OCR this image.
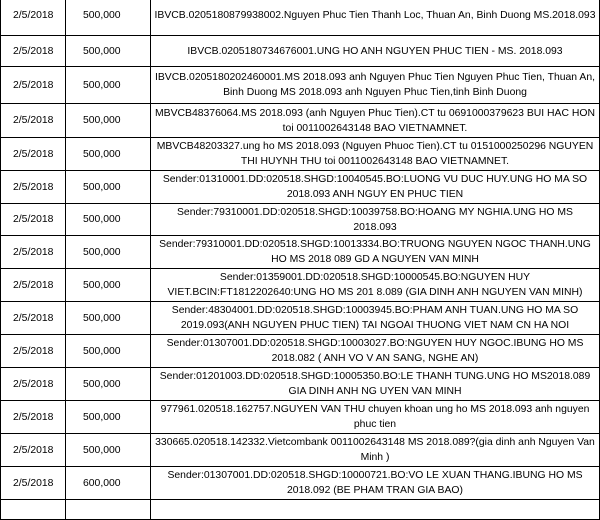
2/5/2018	500,000	IBVCB.0205180879938002.Nguyen Phuc Tien Thanh Loc, Thuan An, Binh Duong MS.2018.093
2/5/2018	500,000	IBVCB.0205180734676001.UNG HO ANH NGUYEN PHUC TIEN - MS. 2018.093
2/5/2018	500,000	IBVCB.0205180202460001.MS 2018.093 anh Nguyen Phuc Tien Nguyen Phuc Tien, Thuan An, Binh Duong MS 2018.093 anh Nguyen Phuc Tien,tinh Binh Duong
2/5/2018	500,000	MBVCB48376064.MS 2018.093 (anh Nguyen Phuc Tien).CT tu 0691000379623 BUI HAC HON toi 0011002643148 BAO VIETNAMNET.
2/5/2018	500,000	MBVCB48203327.ung ho MS 2018.093 (Nguyen Phuoc Tien).CT tu 0151000250296 NGUYEN THI HUYNH THU toi 0011002643148 BAO VIETNAMNET.
2/5/2018	500,000	Sender:01310001.DD:020518.SHGD:10040545.BO:LUONG VU DUC HUY.UNG HO MA SO 2018.093 ANH NGUY EN PHUC TIEN
2/5/2018	500,000	Sender:79310001.DD:020518.SHGD:10039758.BO:HOANG MY NGHIA.UNG HO MS 2018.093
2/5/2018	500,000	Sender:79310001.DD:020518.SHGD:10013334.BO:TRUONG NGUYEN NGOC THANH.UNG HO MS 2018 089 GD A NGUYEN VAN MINH
2/5/2018	500,000	Sender:01359001.DD:020518.SHGD:10000545.BO:NGUYEN HUY VIET.BCIN:FT1812202640:UNG HO MS 201 8.089 (GIA DINH ANH NGUYEN VAN MINH)
2/5/2018	500,000	Sender:48304001.DD:020518.SHGD:10003945.BO:PHAM ANH TUAN.UNG HO MA SO 2019.093(ANH NGUYEN PHUC TIEN) TAI NGOAI THUONG VIET NAM CN HA NOI
2/5/2018	500,000	Sender:01307001.DD:020518.SHGD:10003027.BO:NGUYEN HUY NGOC.IBUNG HO MS 2018.082 ( ANH VO V AN SANG, NGHE AN)
2/5/2018	500,000	Sender:01201003.DD:020518.SHGD:10005350.BO:LE THANH TUNG.UNG HO MS2018.089 GIA DINH ANH NG UYEN VAN MINH
2/5/2018	500,000	977961.020518.162757.NGUYEN VAN THU chuyen khoan ung ho MS 2018.093 anh nguyen phuc tien
2/5/2018	500,000	330665.020518.142332.Vietcombank 0011002643148 MS 2018.089?(gia dinh anh Nguyen Van Minh )
2/5/2018	600,000	Sender:01307001.DD:020518.SHGD:10000721.BO:VO LE XUAN THANG.IBUNG HO MS 2018.092 (BE PHAM TRAN GIA BAO)
